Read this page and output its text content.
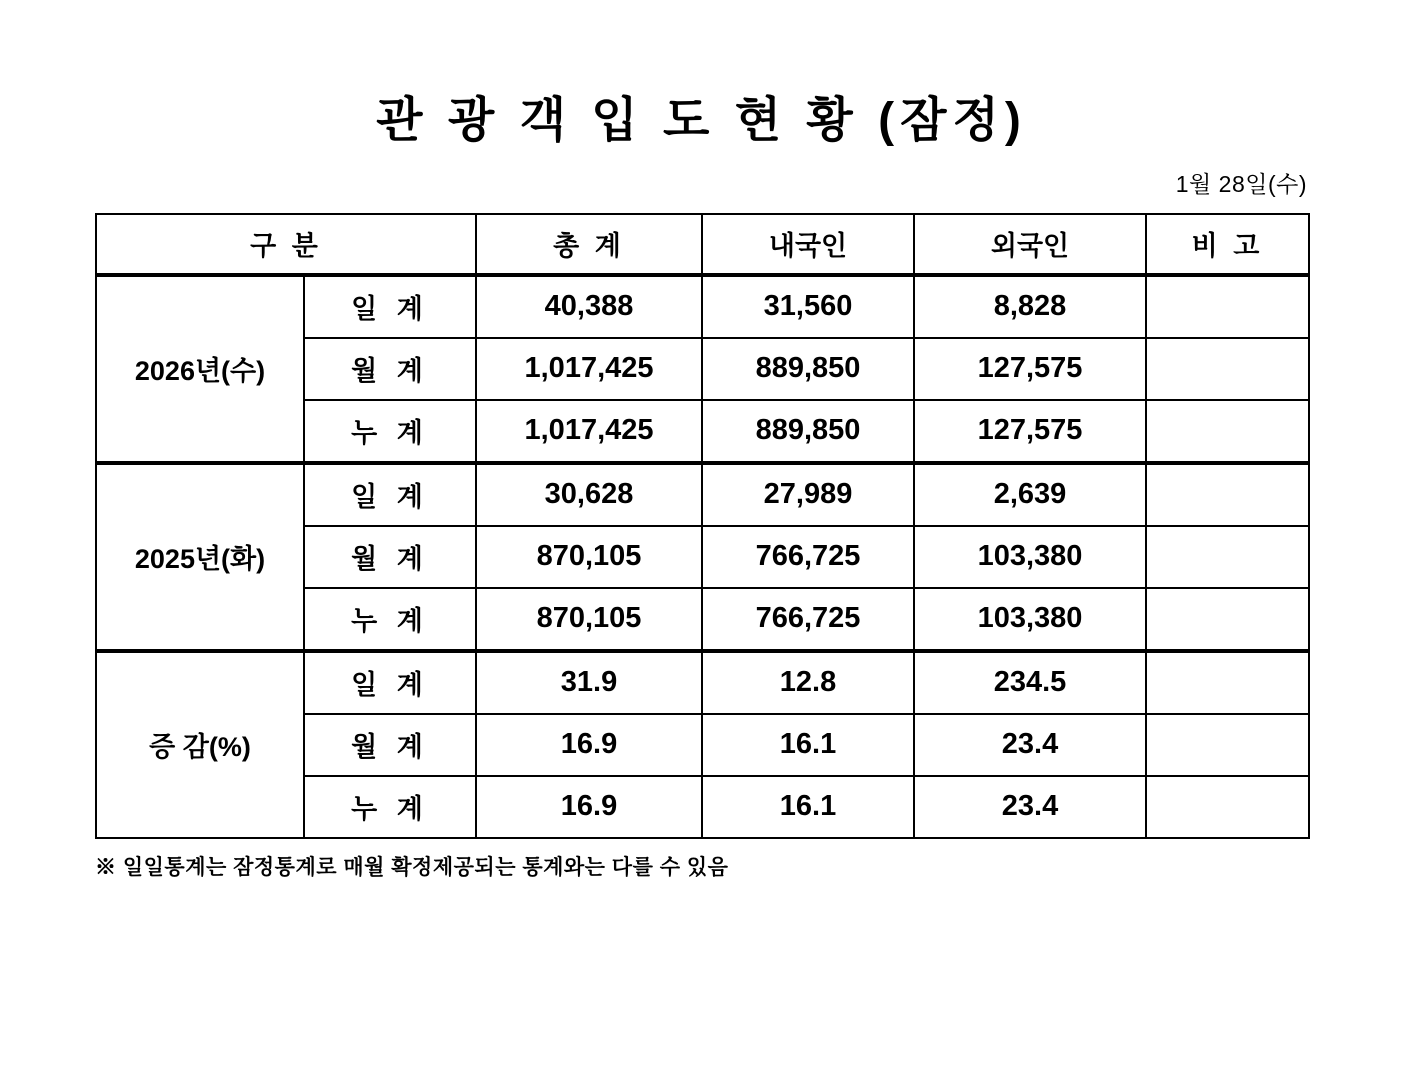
관 광 객 입 도 현 황 (잠정)
1월 28일(수)
구 분		총 계	내국인	외국인	비 고
2026년(수)	일 계	40,388	31,560	8,828	
	월 계	1,017,425	889,850	127,575	
	누 계	1,017,425	889,850	127,575	
2025년(화)	일 계	30,628	27,989	2,639	
	월 계	870,105	766,725	103,380	
	누 계	870,105	766,725	103,380	
증 감(%)	일 계	31.9	12.8	234.5	
	월 계	16.9	16.1	23.4	
	누 계	16.9	16.1	23.4	
※ 일일통계는 잠정통계로 매월 확정제공되는 통계와는 다를 수 있음
